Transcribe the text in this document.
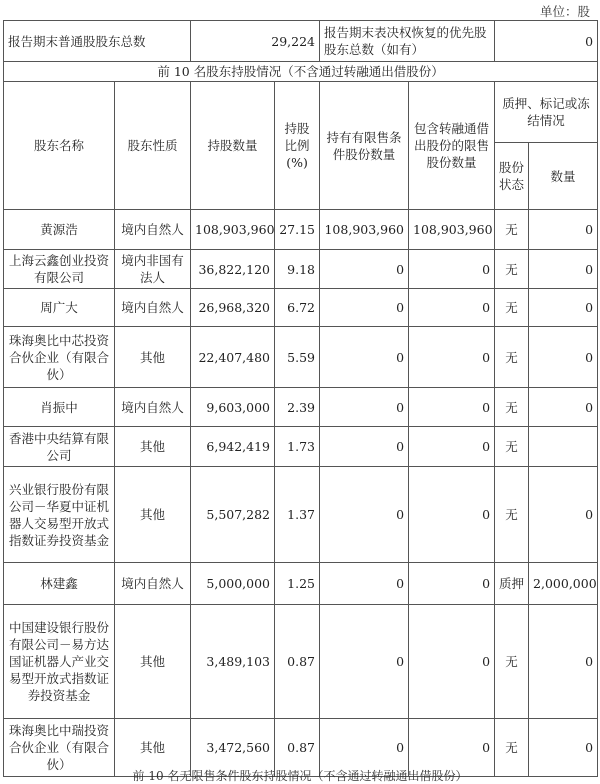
单位：股
报告期末普通股股东总数		29,224		报告期末表决权恢复的优先股股东总数（如有）		0	
前 10 名股东持股情况（不含通过转融通出借股份）							
股东名称	股东性质	持股数量	持股比例(%)	持有有限售条件股份数量	包含转融通借出股份的限售股份数量	质押、标记或冻结情况	
						股份状态	数量
黄源浩	境内自然人	108,903,960	27.15	108,903,960	108,903,960	无	0
上海云鑫创业投资有限公司	境内非国有法人	36,822,120	9.18	0	0	无	0
周广大	境内自然人	26,968,320	6.72	0	0	无	0
珠海奥比中芯投资合伙企业（有限合伙）	其他	22,407,480	5.59	0	0	无	0
肖振中	境内自然人	9,603,000	2.39	0	0	无	0
香港中央结算有限公司	其他	6,942,419	1.73	0	0	无	
兴业银行股份有限公司－华夏中证机器人交易型开放式指数证券投资基金	其他	5,507,282	1.37	0	0	无	0
林建鑫	境内自然人	5,000,000	1.25	0	0	质押	2,000,000
中国建设银行股份有限公司－易方达国证机器人产业交易型开放式指数证券投资基金	其他	3,489,103	0.87	0	0	无	0
珠海奥比中瑞投资合伙企业（有限合伙）	其他	3,472,560	0.87	0	0	无	0
前 10 名无限售条件股东持股情况（不含通过转融通出借股份）
